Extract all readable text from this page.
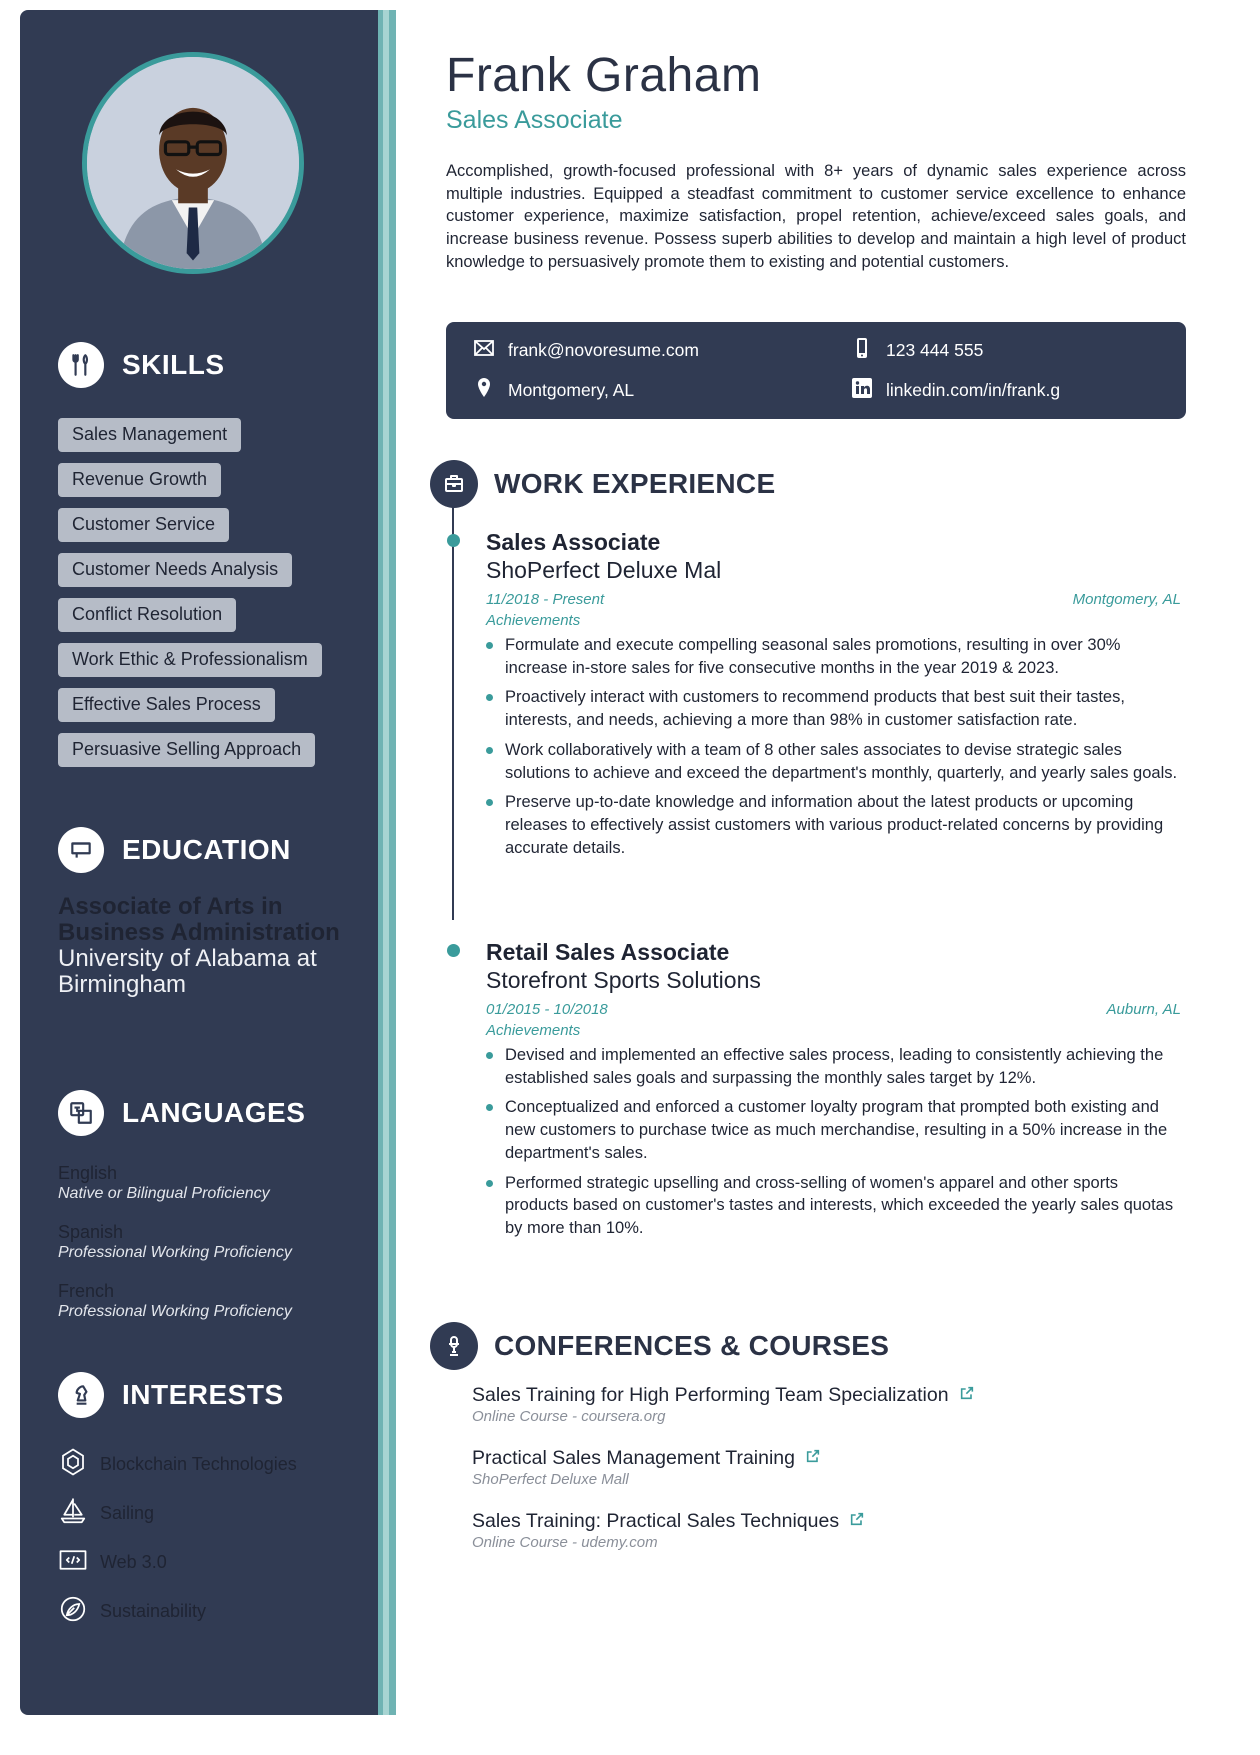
SKILLS
Sales Management
Revenue Growth
Customer Service
Customer Needs Analysis
Conflict Resolution
Work Ethic & Professionalism
Effective Sales Process
Persuasive Selling Approach
EDUCATION
Associate of Arts in Business Administration
University of Alabama at Birmingham
LANGUAGES
English
Native or Bilingual Proficiency
Spanish
Professional Working Proficiency
French
Professional Working Proficiency
INTERESTS
Blockchain Technologies
Sailing
Web 3.0
Sustainability
Frank Graham
Sales Associate
Accomplished, growth-focused professional with 8+ years of dynamic sales experience across multiple industries. Equipped a steadfast commitment to customer service excellence to enhance customer experience, maximize satisfaction, propel retention, achieve/exceed sales goals, and increase business revenue. Possess superb abilities to develop and maintain a high level of product knowledge to persuasively promote them to existing and potential customers.
frank@novoresume.com	123 444 555
Montgomery, AL	linkedin.com/in/frank.g
WORK EXPERIENCE
Sales Associate
ShoPerfect Deluxe Mal
11/2018 - Present	Montgomery, AL
Achievements
Formulate and execute compelling seasonal sales promotions, resulting in over 30% increase in-store sales for five consecutive months in the year 2019 & 2023.
Proactively interact with customers to recommend products that best suit their tastes, interests, and needs, achieving a more than 98% in customer satisfaction rate.
Work collaboratively with a team of 8 other sales associates to devise strategic sales solutions to achieve and exceed the department's monthly, quarterly, and yearly sales goals.
Preserve up-to-date knowledge and information about the latest products or upcoming releases to effectively assist customers with various product-related concerns by providing accurate details.
Retail Sales Associate
Storefront Sports Solutions
01/2015 - 10/2018	Auburn, AL
Achievements
Devised and implemented an effective sales process, leading to consistently achieving the established sales goals and surpassing the monthly sales target by 12%.
Conceptualized and enforced a customer loyalty program that prompted both existing and new customers to purchase twice as much merchandise, resulting in a 50% increase in the department's sales.
Performed strategic upselling and cross-selling of women's apparel and other sports products based on customer's tastes and interests, which exceeded the yearly sales quotas by more than 10%.
CONFERENCES & COURSES
Sales Training for High Performing Team Specialization
Online Course - coursera.org
Practical Sales Management Training
ShoPerfect Deluxe Mall
Sales Training: Practical Sales Techniques
Online Course - udemy.com
